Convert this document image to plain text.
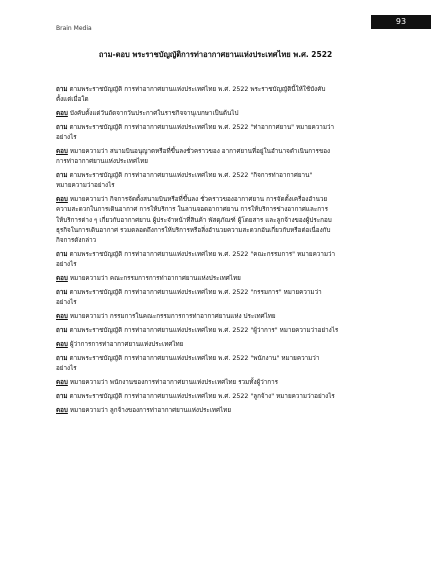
93
Brain Media
ถาม-ตอบ พระราชบัญญัติการท่าอากาศยานแห่งประเทศไทย พ.ศ. 2522
ถาม ตามพระราชบัญญัติ การท่าอากาศยานแห่งประเทศไทย พ.ศ. 2522 พระราชบัญญัตินี้ให้ใช้บังคับ
ตั้งแต่เมื่อใด
ตอบ บังคับตั้งแต่วันถัดจากวันประกาศในราชกิจจานุเบกษาเป็นต้นไป
ถาม ตามพระราชบัญญัติ การท่าอากาศยานแห่งประเทศไทย พ.ศ. 2522 "ท่าอากาศยาน" หมายความว่า
อย่างไร
ตอบ หมายความว่า สนามบินอนุญาตหรือที่ขึ้นลงชั่วคราวของ อากาศยานที่อยู่ในอำนาจดำเนินการของ
การท่าอากาศยานแห่งประเทศไทย
ถาม ตามพระราชบัญญัติ การท่าอากาศยานแห่งประเทศไทย พ.ศ. 2522 "กิจการท่าอากาศยาน"
หมายความว่าอย่างไร
ตอบ หมายความว่า กิจการจัดตั้งสนามบินหรือที่ขึ้นลง ชั่วคราวของอากาศยาน การจัดตั้งเครื่องอำนวย
ความสะดวกในการเดินอากาศ การให้บริการ ในลานจอดอากาศยาน การให้บริการช่างอากาศและการ
ให้บริการต่าง ๆ เกี่ยวกับอากาศยาน ผู้ประจำหน้าที่สินค้า พัสดุภัณฑ์ ผู้โดยสาร และลูกจ้างของผู้ประกอบ
ธุรกิจในการเดินอากาศ รวมตลอดถึงการให้บริการหรือสิ่งอำนวยความสะดวกอันเกี่ยวกับหรือต่อเนื่องกับ
กิจการดังกล่าว
ถาม ตามพระราชบัญญัติ การท่าอากาศยานแห่งประเทศไทย พ.ศ. 2522 "คณะกรรมการ" หมายความว่า
อย่างไร
ตอบ หมายความว่า คณะกรรมการการท่าอากาศยานแห่งประเทศไทย
ถาม ตามพระราชบัญญัติ การท่าอากาศยานแห่งประเทศไทย พ.ศ. 2522 "กรรมการ" หมายความว่า
อย่างไร
ตอบ หมายความว่า กรรมการในคณะกรรมการการท่าอากาศยานแห่ง ประเทศไทย
ถาม ตามพระราชบัญญัติ การท่าอากาศยานแห่งประเทศไทย พ.ศ. 2522 "ผู้ว่าการ" หมายความว่าอย่างไร
ตอบ ผู้ว่าการการท่าอากาศยานแห่งประเทศไทย
ถาม ตามพระราชบัญญัติ การท่าอากาศยานแห่งประเทศไทย พ.ศ. 2522 "พนักงาน" หมายความว่า
อย่างไร
ตอบ หมายความว่า พนักงานของการท่าอากาศยานแห่งประเทศไทย รวมทั้งผู้ว่าการ
ถาม ตามพระราชบัญญัติ การท่าอากาศยานแห่งประเทศไทย พ.ศ. 2522 "ลูกจ้าง" หมายความว่าอย่างไร
ตอบ หมายความว่า ลูกจ้างของการท่าอากาศยานแห่งประเทศไทย
